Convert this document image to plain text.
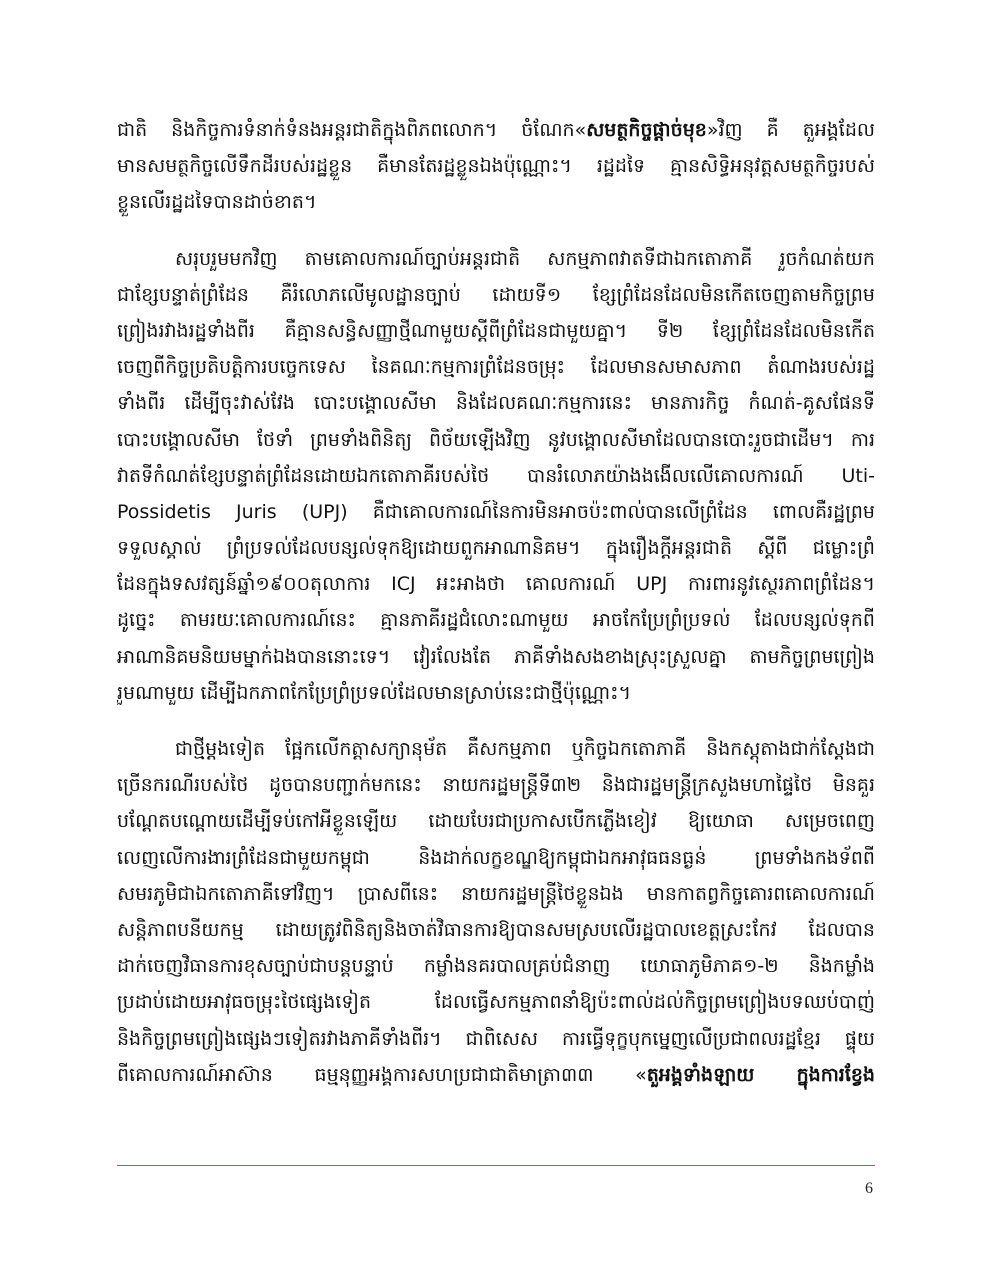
ជាតិ និងកិច្ចការទំនាក់ទំនងអន្តរជាតិក្នុងពិភពលោក។ ចំណែក«សមត្ថកិច្ចផ្តាច់មុខ»វិញ គឺ តួអង្គដែល
មានសមត្ថកិច្ចលើទឹកដីរបស់រដ្ឋខ្លួន គឺមានតែរដ្ឋខ្លួនឯងប៉ុណ្ណោះ។ រដ្ឋដទៃ គ្មានសិទ្ធិអនុវត្តសមត្ថកិច្ចរបស់
ខ្លួនលើរដ្ឋដទៃបានដាច់ខាត។
សរុបរួមមកវិញ តាមគោលការណ៍ច្បាប់អន្តរជាតិ សកម្មភាពវាតទីជាឯកតោភាគី រួចកំណត់យក
ជាខ្សែបន្ទាត់ព្រំដែន គឺរំលោភលើមូលដ្ឋានច្បាប់ ដោយទី១ ខ្សែព្រំដែនដែលមិនកើតចេញតាមកិច្ចព្រម
ព្រៀងរវាងរដ្ឋទាំងពីរ គឺគ្មានសន្ធិសញ្ញាថ្មីណាមួយស្តីពីព្រំដែនជាមួយគ្នា។ ទី២ ខ្សែព្រំដែនដែលមិនកើត
ចេញពីកិច្ចប្រតិបត្តិការបច្ចេកទេស នៃគណៈកម្មការព្រំដែនចម្រុះ ដែលមានសមាសភាព តំណាងរបស់រដ្ឋ
ទាំងពីរ ដើម្បីចុះវាស់វែង បោះបង្គោលសីមា និងដែលគណៈកម្មការនេះ មានភារកិច្ច កំណត់-គូសផែនទី
បោះបង្គោលសីមា ថែទាំ ព្រមទាំងពិនិត្យ ពិច័យឡើងវិញ នូវបង្គោលសីមាដែលបានបោះរួចជាដើម។ ការ
វាតទីកំណត់ខ្សែបន្ទាត់ព្រំដែនដោយឯកតោភាគីរបស់ថៃ បានរំលោភយ៉ាងងងើលលើគោលការណ៍ Uti-
Possidetis Juris (UPJ) គឺជាគោលការណ៍នៃការមិនអាចប៉ះពាល់បានលើព្រំដែន ពោលគឺរដ្ឋព្រម
ទទួលស្គាល់ ព្រំប្រទល់ដែលបន្សល់ទុកឱ្យដោយពួកអាណានិគម។ ក្នុងរឿងក្តីអន្តរជាតិ ស្តីពី ជម្លោះព្រំ
ដែនក្នុងទសវត្សន៍ឆ្នាំ១៩០០តុលាការ ICJ អះអាងថា គោលការណ៍ UPJ ការពារនូវស្ថេរភាពព្រំដែន។
ដូច្នេះ តាមរយៈគោលការណ៍នេះ គ្មានភាគីរដ្ឋជំលោះណាមួយ អាចកែប្រែព្រំប្រទល់ ដែលបន្សល់ទុកពី
អាណានិគមនិយមម្នាក់ឯងបាននោះទេ។ វៀរលែងតែ ភាគីទាំងសងខាងស្រុះស្រួលគ្នា តាមកិច្ចព្រមព្រៀង
រួមណាមួយ ដើម្បីឯកភាពកែប្រែព្រំប្រទល់ដែលមានស្រាប់នេះជាថ្មីប៉ុណ្ណោះ។
ជាថ្មីម្តងទៀត ផ្អែកលើកត្តាសក្យានុម័ត គឺសកម្មភាព ឬកិច្ចឯកតោភាគី និងកស្តុតាងជាក់ស្តែងជា
ច្រើនករណីរបស់ថៃ ដូចបានបញ្ជាក់មកនេះ នាយករដ្ឋមន្ត្រីទី៣២ និងជារដ្ឋមន្ត្រីក្រសួងមហាផ្ទៃថៃ មិនគួរ
បណ្តែតបណ្តោយដើម្បីទប់កៅអីខ្លួនឡើយ ដោយបែរជាប្រកាសបើកភ្លើងខៀវ ឱ្យយោធា សម្រេចពេញ
លេញលើការងារព្រំដែនជាមួយកម្ពុជា និងដាក់លក្ខខណ្ឌឱ្យកម្ពុជាឯកអាវុធធនធ្ងន់ ព្រមទាំងកងទ័ពពី
សមរភូមិជាឯកតោភាគីទៅវិញ។ ប្រាសពីនេះ នាយករដ្ឋមន្ត្រីថៃខ្លួនឯង មានកាតព្វកិច្ចគោរពគោលការណ៍
សន្តិភាពបនីយកម្ម ដោយត្រូវពិនិត្យនិងចាត់វិធានការឱ្យបានសមស្របលើរដ្ឋបាលខេត្តស្រះកែវ ដែលបាន
ដាក់ចេញវិធានការខុសច្បាប់ជាបន្តបន្ទាប់ កម្លាំងនគរបាលគ្រប់ជំនាញ យោធាភូមិភាគ១-២ និងកម្លាំង
ប្រដាប់ដោយអាវុធចម្រុះថៃផ្សេងទៀត ដែលធ្វើសកម្មភាពនាំឱ្យប៉ះពាល់ដល់កិច្ចព្រមព្រៀងបទឈប់បាញ់
និងកិច្ចព្រមព្រៀងផ្សេងៗទៀតរវាងភាគីទាំងពីរ។ ជាពិសេស ការធ្វើទុក្ខបុកម្នេញលើប្រជាពលរដ្ឋខ្មែរ ផ្ទុយ
ពីគោលការណ៍អាស៊ាន ធម្មនុញ្ញអង្គការសហប្រជាជាតិមាត្រា៣៣ «តួអង្គទាំងឡាយ ក្នុងការខ្វែង
6
